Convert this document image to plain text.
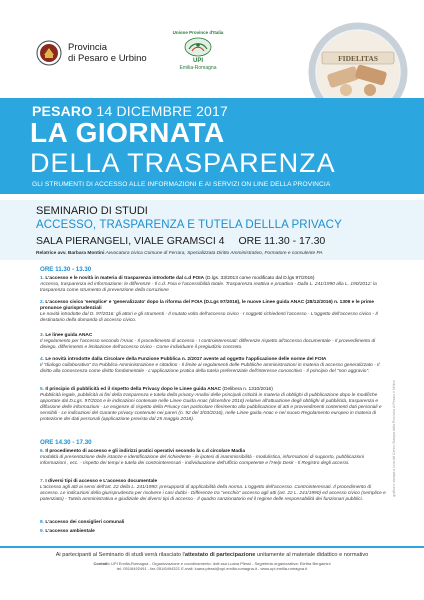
Provincia
di Pesaro e Urbino
Unione Province d'Italia
UPI
Emilia-Romagna
FIDELITAS
PESARO 14 DICEMBRE 2017
LA GIORNATA
DELLA TRASPARENZA
GLI STRUMENTI DI ACCESSO ALLE INFORMAZIONI E AI SERVIZI ON LINE DELLA PROVINCIA
SEMINARIO DI STUDI
ACCESSO, TRASPARENZA E TUTELA DELLLA PRIVACY
SALA PIERANGELI, VIALE GRAMSCI 4 ORE 11.30 - 17.30
Relatrice avv. Barbara Montini Avvocatura civica Comune di Ferrara, Specializzata Diritto Amministrativo, Formatore e consulente PA
ORE 11.30 - 13.30
1. L'accesso e le novità in materia di trasparenza introdotte dal c.d FOIA (D.lgs. 33/2013 come modificato dal D.lgs 97/2016)
Accesso, trasparenza ed informazione: le differenze - Il c.d. Foia e l'accessibilità totale. Trasparenza reattiva e proattiva - Dalla L. 241/1990 alla L. 190/2012: la trasparenza come strumento di prevenzione della corruzione
2. L'accesso civico 'semplice' e 'generalizzato' dopo la riforma del FOIA (D.Lgs 97/2016), le nuove Linee guida ANAC (28/12/2016) n. 1309 e le prime pronunce giurisprudenziali
Le novità introdotte dal D. 97/2016: gli attori e gli strumenti - Il mutato volto dell'accesso civico - I soggetti richiedenti l'accesso - L'oggetto dell'accesso civico - Il destinatario della domanda di accesso civico.
3. Le linee guida ANAC
Il regolamento per l'accesso secondo l'Anac - Il procedimento di accesso - I controinteressati: differenze rispetto all'accesso documentale - Il provvedimento di diniego, differimento e limitazione dell'accesso civico - Come individuare il pregiudizio concreto.
4. Le novità introdotte dalla Circolare della Funzione Pubblica n. 2/2017 avente ad oggetto l'applicazione delle norme del FOIA
Il "dialogo collaborativo" tra Pubblica Amministrazione e cittadino - Il limite ai regolamenti delle Pubbliche amministrazioni in materia di accesso generalizzato - Il diritto alla conoscenza come diritto fondamentale - L'applicazione pratica della tutela preferenziale dell'interesse conoscitivo - Il principio del "non aggravio".
5. Il principio di pubblicità ed il rispetto della Privacy dopo le Linee guida ANAC (Delibera n. 1310/2016)
Pubblicità legale, pubblicità ai fini della trasparenza e tutela della privacy-Analisi delle principali criticità in materia di obblighi di pubblicazione dopo le modifiche apportate dal D.Lgs. 97/2016 e le indicazioni contenute nelle Linee Guida Anac (dicembre 2016) relative all'attuazione degli obblighi di pubblicità, trasparenza e diffusione delle informazioni - Le esigenze di rispetto della Privacy con particolare riferimento alla pubblicazione di atti e provvedimenti contenenti dati personali e sensibili - Le indicazioni del Garante privacy contenute nei pareri (n. 92 del 3/03/2016), nelle Linee guida Anac e nel nuovo Regolamento europeo in materia di protezione dei dati personali (applicazione prevista dal 25 maggio 2018).
ORE 14.30 - 17.30
6. Il procedimento di accesso e gli indirizzi pratici operativi secondo la c.d circolare Madia
modalità di presentazione delle istanze e identificazione del richiedente - le ipotesi di inammissibilità - modulistica, informazioni di supporto, pubblicazioni informazioni , ecc. - rispetto dei tempi e tutela dei controinteressati - individuazione dell'ufficio competente e l'Help Desk - Il Registro degli accessi.
7. I diversi tipi di accesso e L'accesso documentale
L'accesso agli atti ai sensi dell'art. 22 della L. 241/1990: presupposti di applicabilità della norma. L'oggetto dell'accesso. Controinteressati. Il procedimento di accesso. Le indicazioni della giurisprudenza per risolvere i casi dubbi - Differenze tra "vecchio" accesso agli atti (art. 22 L. 241/1990) ed accesso civico (semplice e potenziato) - Tutela amministrativa e giudiziale dei diversi tipi di accesso - Il quadro sanzionatorio ed il regime delle responsabilità dei funzionari pubblici.
8. L'accesso dei consiglieri comunali
9. L'accesso ambientale
grafica e stampa a cura del Centro Stampa della Provincia di Pesaro e Urbino
Ai partecipanti al Seminario di studi verrà rilasciato l'attestato di partecipazione unitamente al materiale didattico e normativo
Contatti: UPI Emilia-Romagna - Organizzazione e coordinamento: dott.ssa Luana Plessi - Segreteria organizzativa: Elettra Bergamini
tel. 051/6492491 - fax 051/6494321 E-mail: luana.plessi@upi.emilia-romagna.it - www.upi.emilia-romagna.it
